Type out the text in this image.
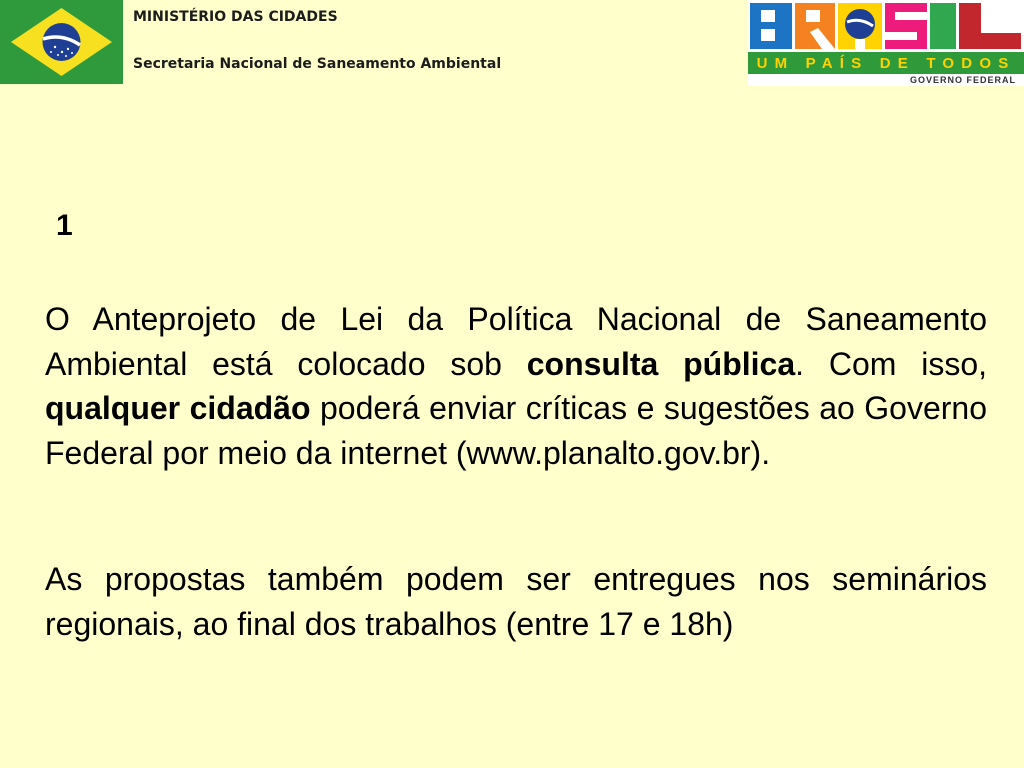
MINISTÉRIO DAS CIDADES
Secretaria Nacional de Saneamento Ambiental	UM PAÍS DE TODOS
GOVERNO FEDERAL
1
O Anteprojeto de Lei da Política Nacional de Saneamento Ambiental está colocado sob consulta pública. Com isso, qualquer cidadão poderá enviar críticas e sugestões ao Governo Federal por meio da internet (www.planalto.gov.br).
As propostas também podem ser entregues nos seminários regionais, ao final dos trabalhos (entre 17 e 18h)
